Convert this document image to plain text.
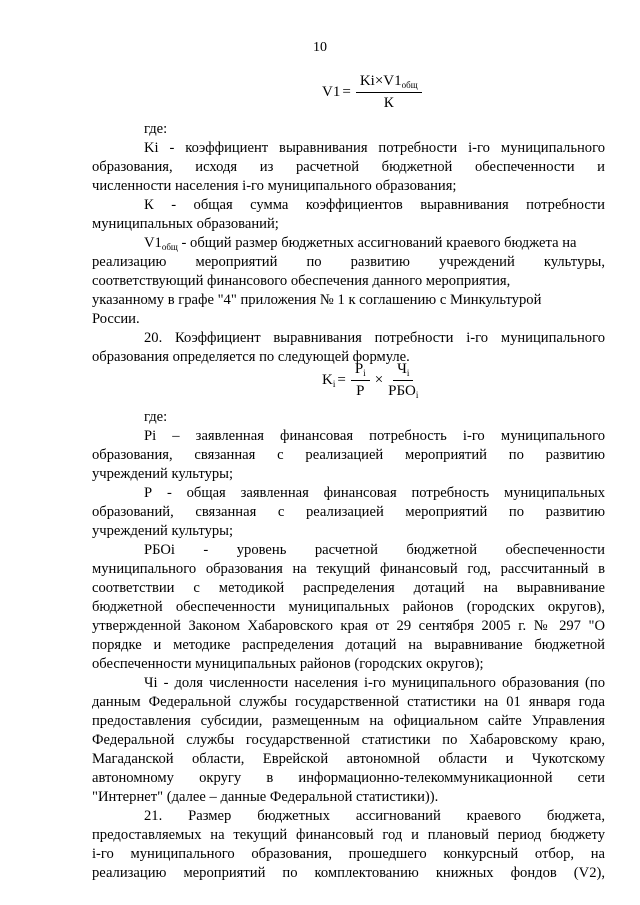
10
$V1 = \frac{Ki\times V1_{общ}}{К}$
где:
Ki - коэффициент выравнивания потребности i-го муниципального
образования, исходя из расчетной бюджетной обеспеченности и
численности населения i-го муниципального образования;
К - общая сумма коэффициентов выравнивания потребности
муниципальных образований;
$V1_{общ}$ - общий размер бюджетных ассигнований краевого бюджета на
реализацию мероприятий по развитию учреждений культуры,
соответствующий финансового обеспечения данного мероприятия,
указанному в графе "4" приложения № 1 к соглашению с Минкультурой
России.
20. Коэффициент выравнивания потребности i-го муниципального
образования определяется по следующей формуле.
$K_i = \frac{P_i}{P} \times \frac{Ч_i}{РБО_i}$
где:
Pi – заявленная финансовая потребность i-го муниципального
образования, связанная с реализацией мероприятий по развитию
учреждений культуры;
Р - общая заявленная финансовая потребность муниципальных
образований, связанная с реализацией мероприятий по развитию
учреждений культуры;
РБОi - уровень расчетной бюджетной обеспеченности
муниципального образования на текущий финансовый год, рассчитанный в
соответствии с методикой распределения дотаций на выравнивание
бюджетной обеспеченности муниципальных районов (городских округов),
утвержденной Законом Хабаровского края от 29 сентября 2005 г. № 297 "О
порядке и методике распределения дотаций на выравнивание бюджетной
обеспеченности муниципальных районов (городских округов);
Чi - доля численности населения i-го муниципального образования (по
данным Федеральной службы государственной статистики на 01 января года
предоставления субсидии, размещенным на официальном сайте Управления
Федеральной службы государственной статистики по Хабаровскому краю,
Магаданской области, Еврейской автономной области и Чукотскому
автономному округу в информационно-телекоммуникационной сети
"Интернет" (далее – данные Федеральной статистики)).
21. Размер бюджетных ассигнований краевого бюджета,
предоставляемых на текущий финансовый год и плановый период бюджету
i-го муниципального образования, прошедшего конкурсный отбор, на
реализацию мероприятий по комплектованию книжных фондов (V2),
